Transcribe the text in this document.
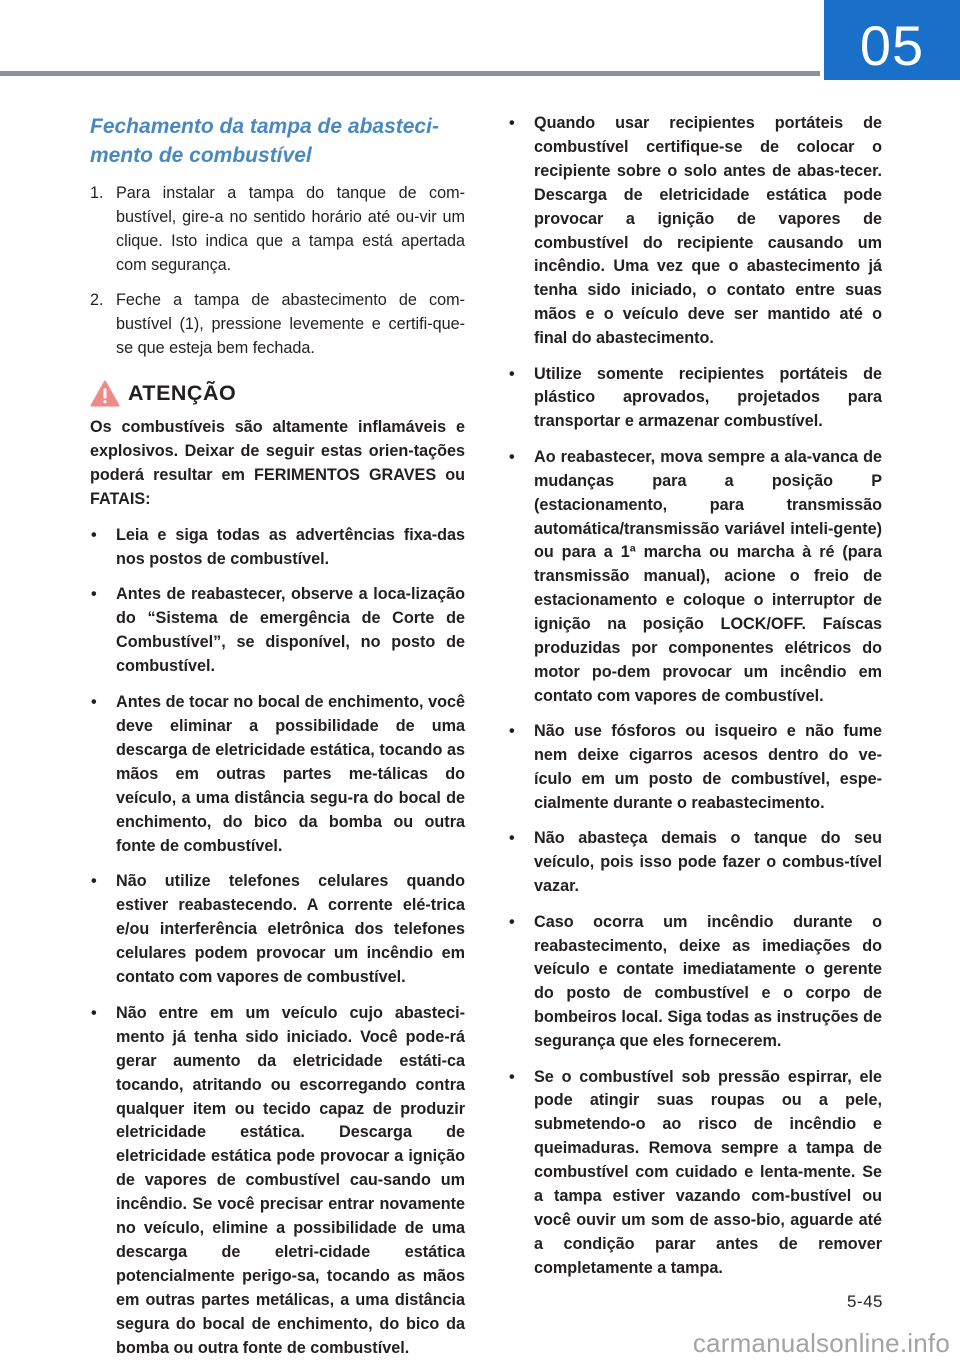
05
Fechamento da tampa de abasteci-mento de combustível
1. Para instalar a tampa do tanque de com-bustível, gire-a no sentido horário até ou-vir um clique. Isto indica que a tampa está apertada com segurança.
2. Feche a tampa de abastecimento de com-bustível (1), pressione levemente e certifi-que-se que esteja bem fechada.
ATENÇÃO

Os combustíveis são altamente inflamáveis e explosivos. Deixar de seguir estas orien-tações poderá resultar em FERIMENTOS GRAVES ou FATAIS:

• Leia e siga todas as advertências fixa-das nos postos de combustível.
• Antes de reabastecer, observe a loca-lização do “Sistema de emergência de Corte de Combustível”, se disponível, no posto de combustível.
• Antes de tocar no bocal de enchimento, você deve eliminar a possibilidade de uma descarga de eletricidade estática, tocando as mãos em outras partes me-tálicas do veículo, a uma distância segu-ra do bocal de enchimento, do bico da bomba ou outra fonte de combustível.
• Não utilize telefones celulares quando estiver reabastecendo. A corrente elé-trica e/ou interferência eletrônica dos telefones celulares podem provocar um incêndio em contato com vapores de combustível.
• Não entre em um veículo cujo abasteci-mento já tenha sido iniciado. Você pode-rá gerar aumento da eletricidade estáti-ca tocando, atritando ou escorregando contra qualquer item ou tecido capaz de produzir eletricidade estática. Descarga de eletricidade estática pode provocar a ignição de vapores de combustível cau-sando um incêndio. Se você precisar entrar novamente no veículo, elimine a possibilidade de uma descarga de eletri-cidade estática potencialmente perigo-sa, tocando as mãos em outras partes metálicas, a uma distância segura do bocal de enchimento, do bico da bomba ou outra fonte de combustível.
• Quando usar recipientes portáteis de combustível certifique-se de colocar o recipiente sobre o solo antes de abas-tecer. Descarga de eletricidade estática pode provocar a ignição de vapores de combustível do recipiente causando um incêndio. Uma vez que o abastecimento já tenha sido iniciado, o contato entre suas mãos e o veículo deve ser mantido até o final do abastecimento.
• Utilize somente recipientes portáteis de plástico aprovados, projetados para transportar e armazenar combustível.
• Ao reabastecer, mova sempre a ala-vanca de mudanças para a posição P (estacionamento, para transmissão automática/transmissão variável inteli-gente) ou para a 1ª marcha ou marcha à ré (para transmissão manual), acione o freio de estacionamento e coloque o interruptor de ignição na posição LOCK/OFF. Faíscas produzidas por componentes elétricos do motor po-dem provocar um incêndio em contato com vapores de combustível.
• Não use fósforos ou isqueiro e não fume nem deixe cigarros acesos dentro do ve-ículo em um posto de combustível, espe-cialmente durante o reabastecimento.
• Não abasteça demais o tanque do seu veículo, pois isso pode fazer o combus-tível vazar.
• Caso ocorra um incêndio durante o reabastecimento, deixe as imediações do veículo e contate imediatamente o gerente do posto de combustível e o corpo de bombeiros local. Siga todas as instruções de segurança que eles fornecerem.
• Se o combustível sob pressão espirrar, ele pode atingir suas roupas ou a pele, submetendo-o ao risco de incêndio e queimaduras. Remova sempre a tampa de combustível com cuidado e lenta-mente. Se a tampa estiver vazando com-bustível ou você ouvir um som de asso-bio, aguarde até a condição parar antes de remover completamente a tampa.
5-45
carmanualsonline.info
